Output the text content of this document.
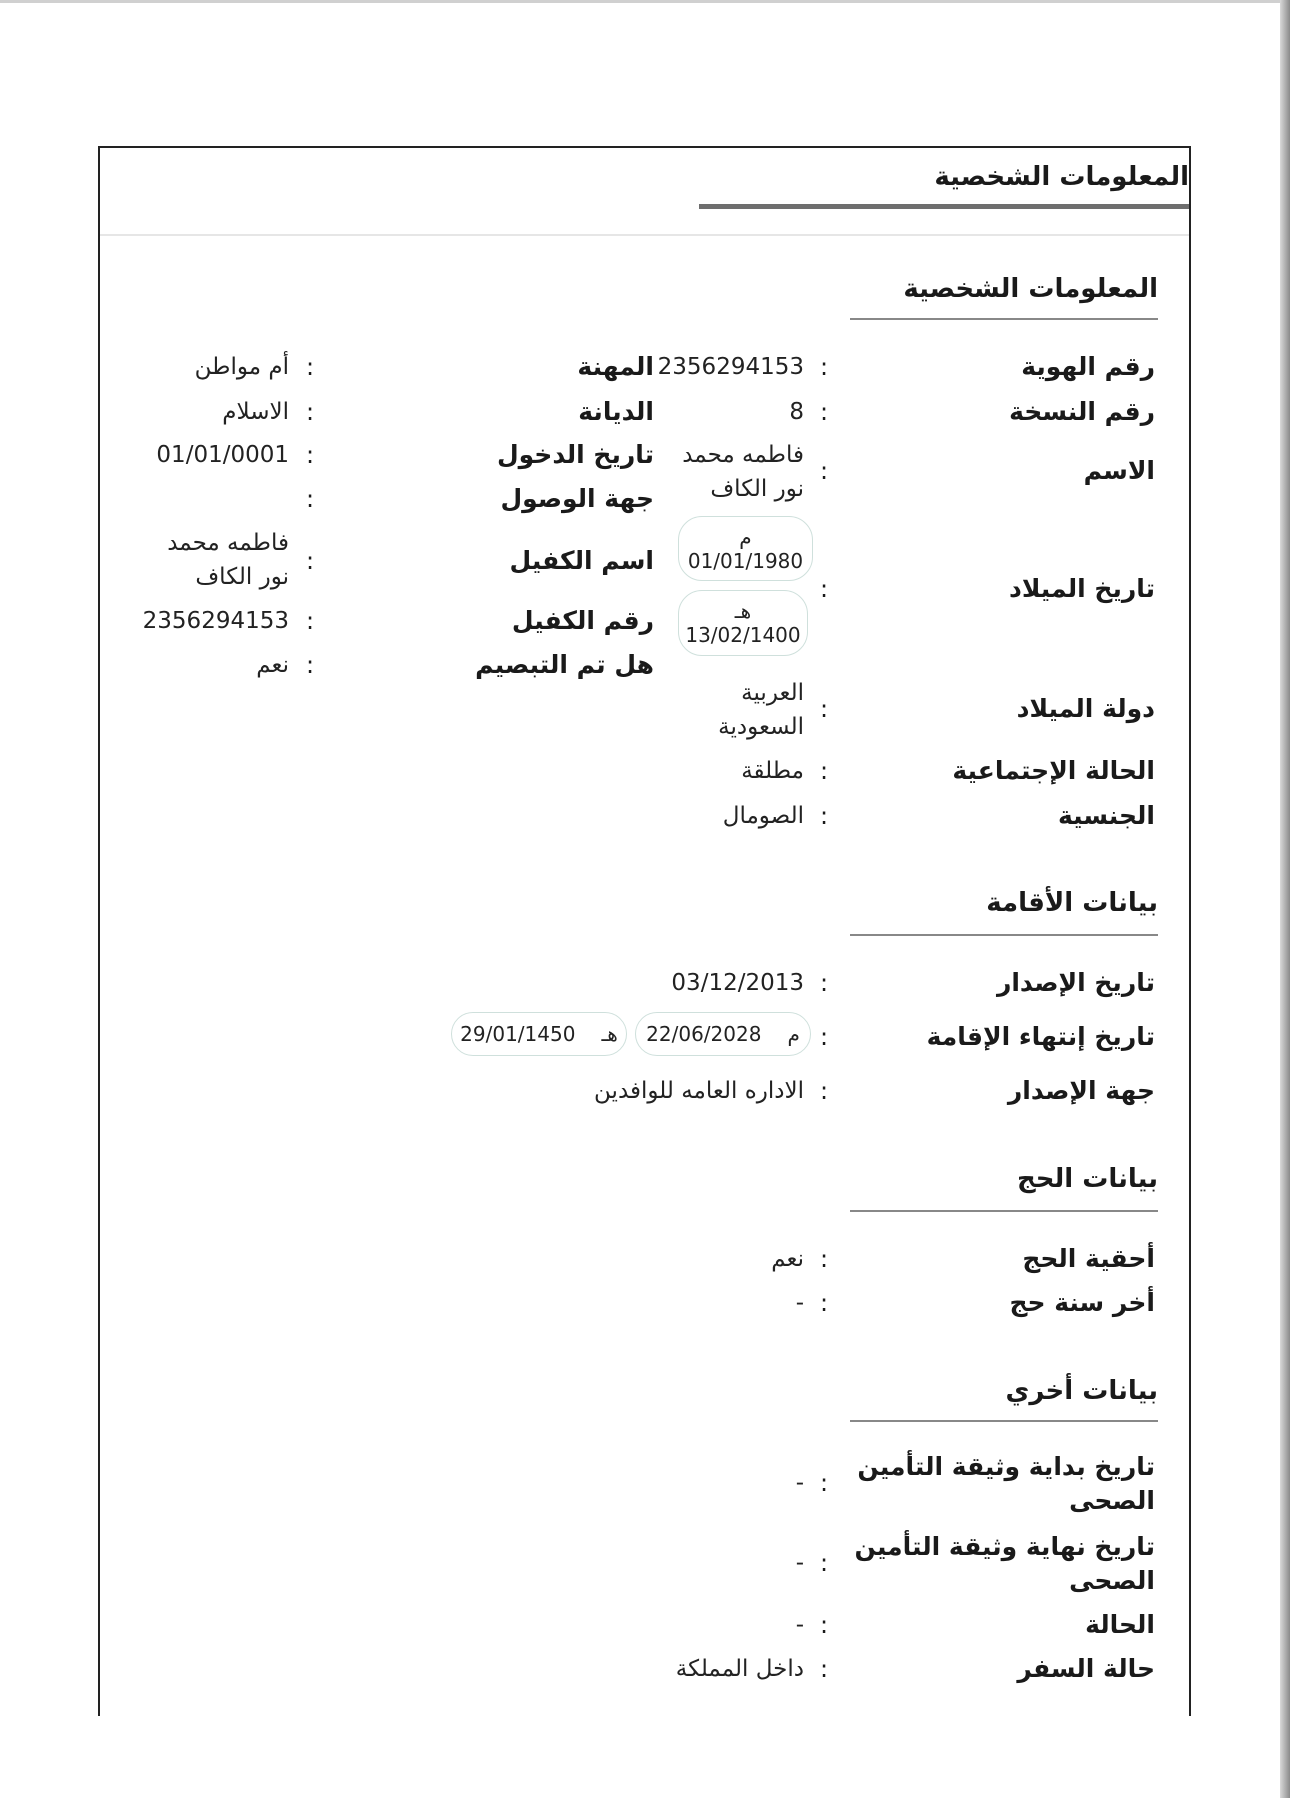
المعلومات الشخصية
المعلومات الشخصية
رقم الهوية
:
2356294153
رقم النسخة
:
8
الاسم
:
فاطمه محمد
نور الكاف
تاريخ الميلاد
:
م
01/01/1980
هـ
13/02/1400
دولة الميلاد
:
العربية
السعودية
الحالة الإجتماعية
:
مطلقة
الجنسية
:
الصومال
المهنة
:
أم مواطن
الديانة
:
الاسلام
تاريخ الدخول
:
01/01/0001
جهة الوصول
:
اسم الكفيل
:
فاطمه محمد
نور الكاف
رقم الكفيل
:
2356294153
هل تم التبصيم
:
نعم
بيانات الأقامة
تاريخ الإصدار
:
03/12/2013
تاريخ إنتهاء الإقامة
:
22/06/2028 م
29/01/1450 هـ
جهة الإصدار
:
الاداره العامه للوافدين
بيانات الحج
أحقية الحج
:
نعم
أخر سنة حج
:
-
بيانات أخري
تاريخ بداية وثيقة التأمين الصحى
:
-
تاريخ نهاية وثيقة التأمين الصحى
:
-
الحالة
:
-
حالة السفر
:
داخل المملكة
